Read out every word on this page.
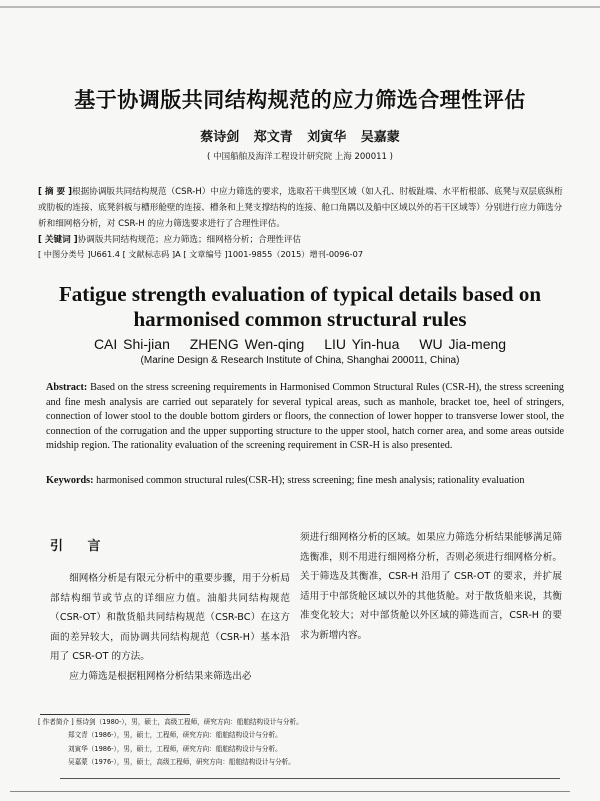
基于协调版共同结构规范的应力筛选合理性评估
蔡诗剑 郑文青 刘寅华 吴嘉蒙
( 中国船舶及海洋工程设计研究院 上海 200011 )
[ 摘 要 ]根据协调版共同结构规范（CSR-H）中应力筛选的要求，选取若干典型区域（如人孔、肘板趾端、水平桁根部、底凳与双层底纵桁或肋板的连接、底凳斜板与槽形舱壁的连接、槽条和上凳支撑结构的连接、舱口角隅以及船中区域以外的若干区域等）分别进行应力筛选分析和细网格分析，对 CSR-H 的应力筛选要求进行了合理性评估。
[ 关键词 ]协调版共同结构规范；应力筛选；细网格分析；合理性评估
[ 中图分类号 ]U661.4 [ 文献标志码 ]A [ 文章编号 ]1001-9855（2015）增刊-0096-07
Fatigue strength evaluation of typical details based on harmonised common structural rules
CAI Shi-jian ZHENG Wen-qing LIU Yin-hua WU Jia-meng
(Marine Design & Research Institute of China, Shanghai 200011, China)
Abstract: Based on the stress screening requirements in Harmonised Common Structural Rules (CSR-H), the stress screening and fine mesh analysis are carried out separately for several typical areas, such as manhole, bracket toe, heel of stringers, connection of lower stool to the double bottom girders or floors, the connection of lower hopper to transverse lower stool, the connection of the corrugation and the upper supporting structure to the upper stool, hatch corner area, and some areas outside midship region. The rationality evaluation of the screening requirement in CSR-H is also presented.
Keywords: harmonised common structural rules(CSR-H); stress screening; fine mesh analysis; rationality evaluation
引 言

细网格分析是有限元分析中的重要步骤，用于分析局部结构细节或节点的详细应力值。油船共同结构规范（CSR-OT）和散货船共同结构规范（CSR-BC）在这方面的差异较大，而协调共同结构规范（CSR-H）基本沿用了 CSR-OT 的方法。

应力筛选是根据粗网格分析结果来筛选出必

须进行细网格分析的区域。如果应力筛选分析结果能够满足筛选衡准，则不用进行细网格分析，否则必须进行细网格分析。关于筛选及其衡准，CSR-H 沿用了 CSR-OT 的要求，并扩展适用于中部货舱区域以外的其他货舱。对于散货船来说，其衡准变化较大；对中部货舱以外区域的筛选而言，CSR-H 的要求为新增内容。

[ 作者简介 ] 蔡诗剑（1980-），男，硕士，高级工程师，研究方向：船舶结构设计与分析。
郑文青（1986-），男，硕士，工程师，研究方向：船舶结构设计与分析。
刘寅华（1986-），男，硕士，工程师，研究方向：船舶结构设计与分析。
吴嘉蒙（1976-），男，硕士，高级工程师，研究方向：船舶结构设计与分析。
